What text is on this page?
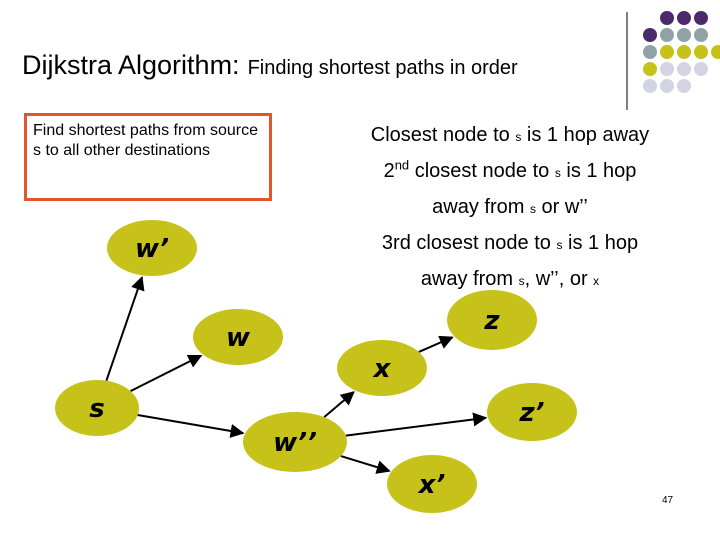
Dijkstra Algorithm: Finding shortest paths in order
Find shortest paths from source s to all other destinations
Closest node to s is 1 hop away
2nd closest node to s is 1 hop
away from s or w’’
3rd closest node to s is 1 hop
away from s, w’’, or x
w’
w
s
x
z
w’’
z’
x’
47
